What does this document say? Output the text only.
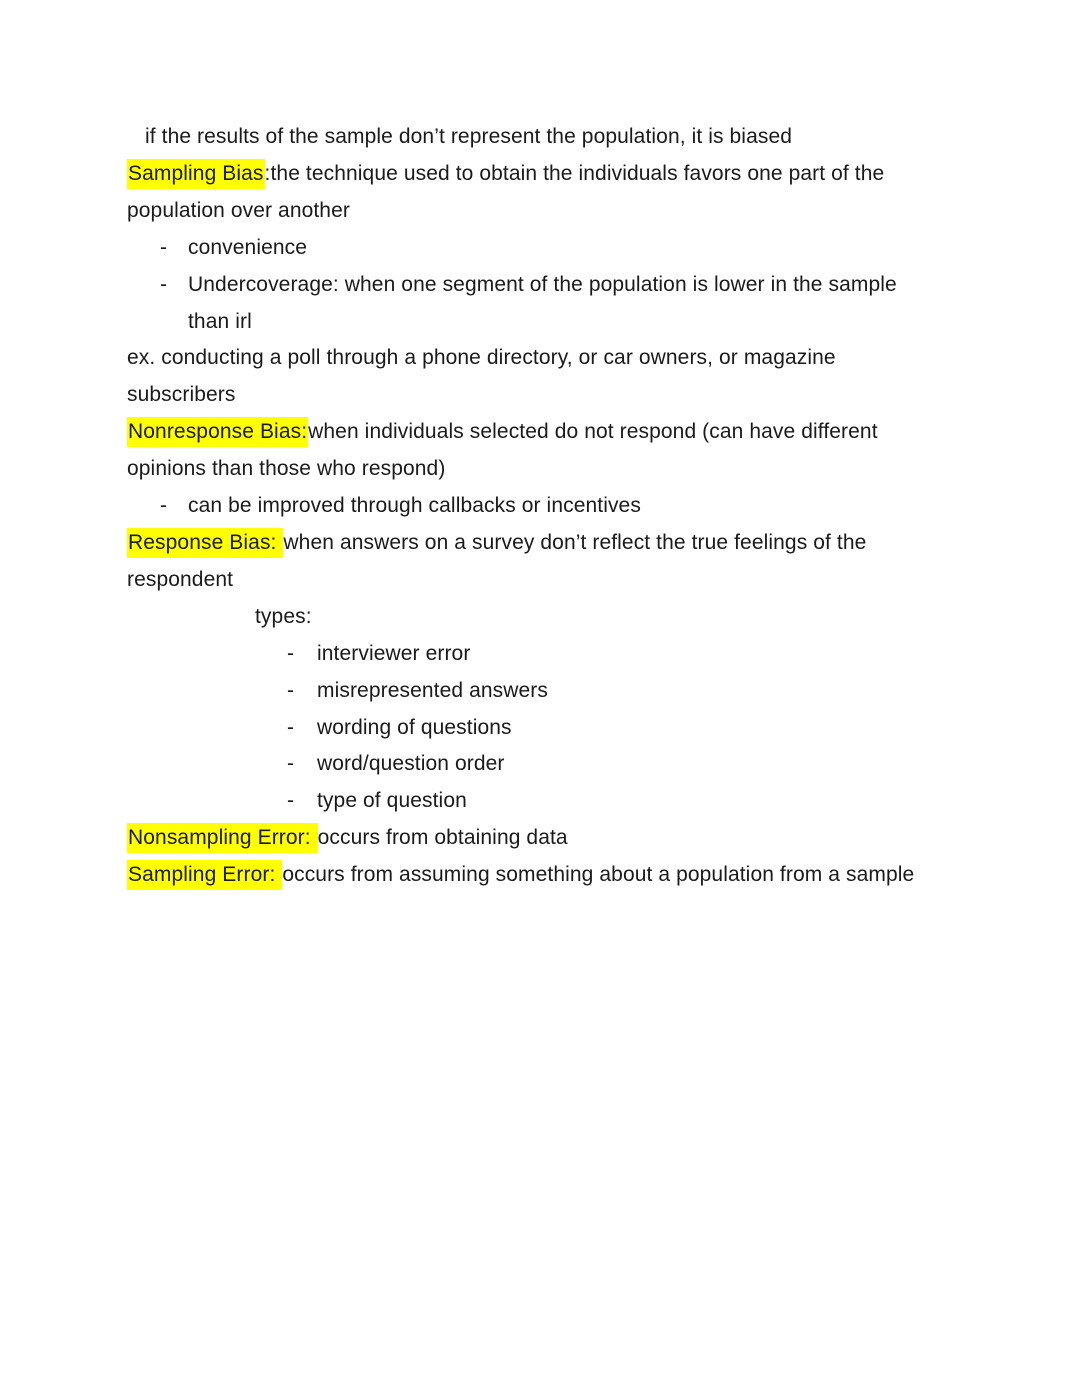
if the results of the sample don’t represent the population, it is biased
Sampling Bias:the technique used to obtain the individuals favors one part of the
population over another
- convenience
- Undercoverage: when one segment of the population is lower in the sample
than irl
ex. conducting a poll through a phone directory, or car owners, or magazine
subscribers
Nonresponse Bias:when individuals selected do not respond (can have different
opinions than those who respond)
- can be improved through callbacks or incentives
Response Bias: when answers on a survey don’t reflect the true feelings of the
respondent
types:
- interviewer error
- misrepresented answers
- wording of questions
- word/question order
- type of question
Nonsampling Error: occurs from obtaining data
Sampling Error: occurs from assuming something about a population from a sample
